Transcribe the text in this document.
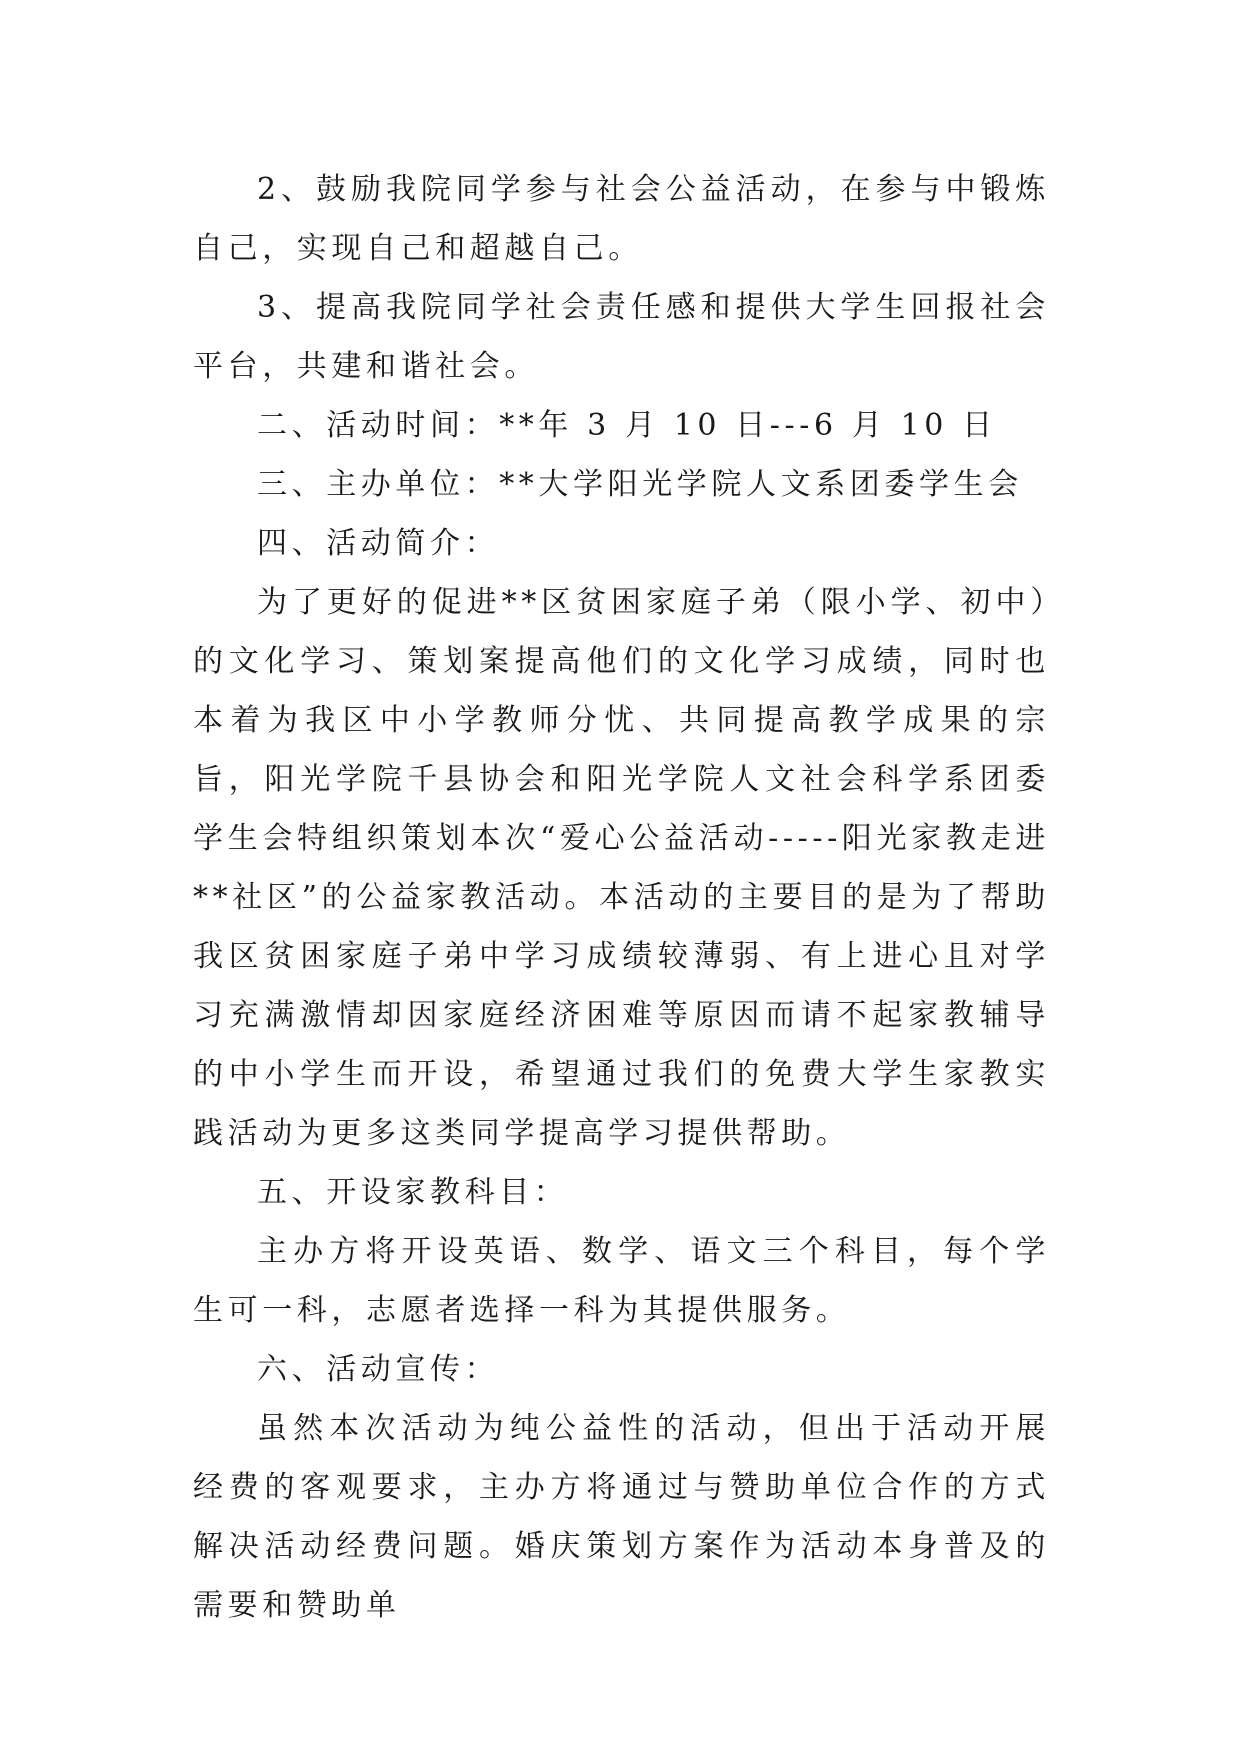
2、鼓励我院同学参与社会公益活动，在参与中锻炼自己，实现自己和超越自己。

3、提高我院同学社会责任感和提供大学生回报社会平台，共建和谐社会。

二、活动时间：**年 3 月 10 日---6 月 10 日

三、主办单位：**大学阳光学院人文系团委学生会

四、活动简介：

为了更好的促进**区贫困家庭子弟（限小学、初中）的文化学习、策划案提高他们的文化学习成绩，同时也本着为我区中小学教师分忧、共同提高教学成果的宗旨，阳光学院千县协会和阳光学院人文社会科学系团委学生会特组织策划本次“爱心公益活动-----阳光家教走进**社区”的公益家教活动。本活动的主要目的是为了帮助我区贫困家庭子弟中学习成绩较薄弱、有上进心且对学习充满激情却因家庭经济困难等原因而请不起家教辅导的中小学生而开设，希望通过我们的免费大学生家教实践活动为更多这类同学提高学习提供帮助。

五、开设家教科目：

主办方将开设英语、数学、语文三个科目，每个学生可一科，志愿者选择一科为其提供服务。

六、活动宣传：

虽然本次活动为纯公益性的活动，但出于活动开展经费的客观要求，主办方将通过与赞助单位合作的方式解决活动经费问题。婚庆策划方案作为活动本身普及的需要和赞助单
